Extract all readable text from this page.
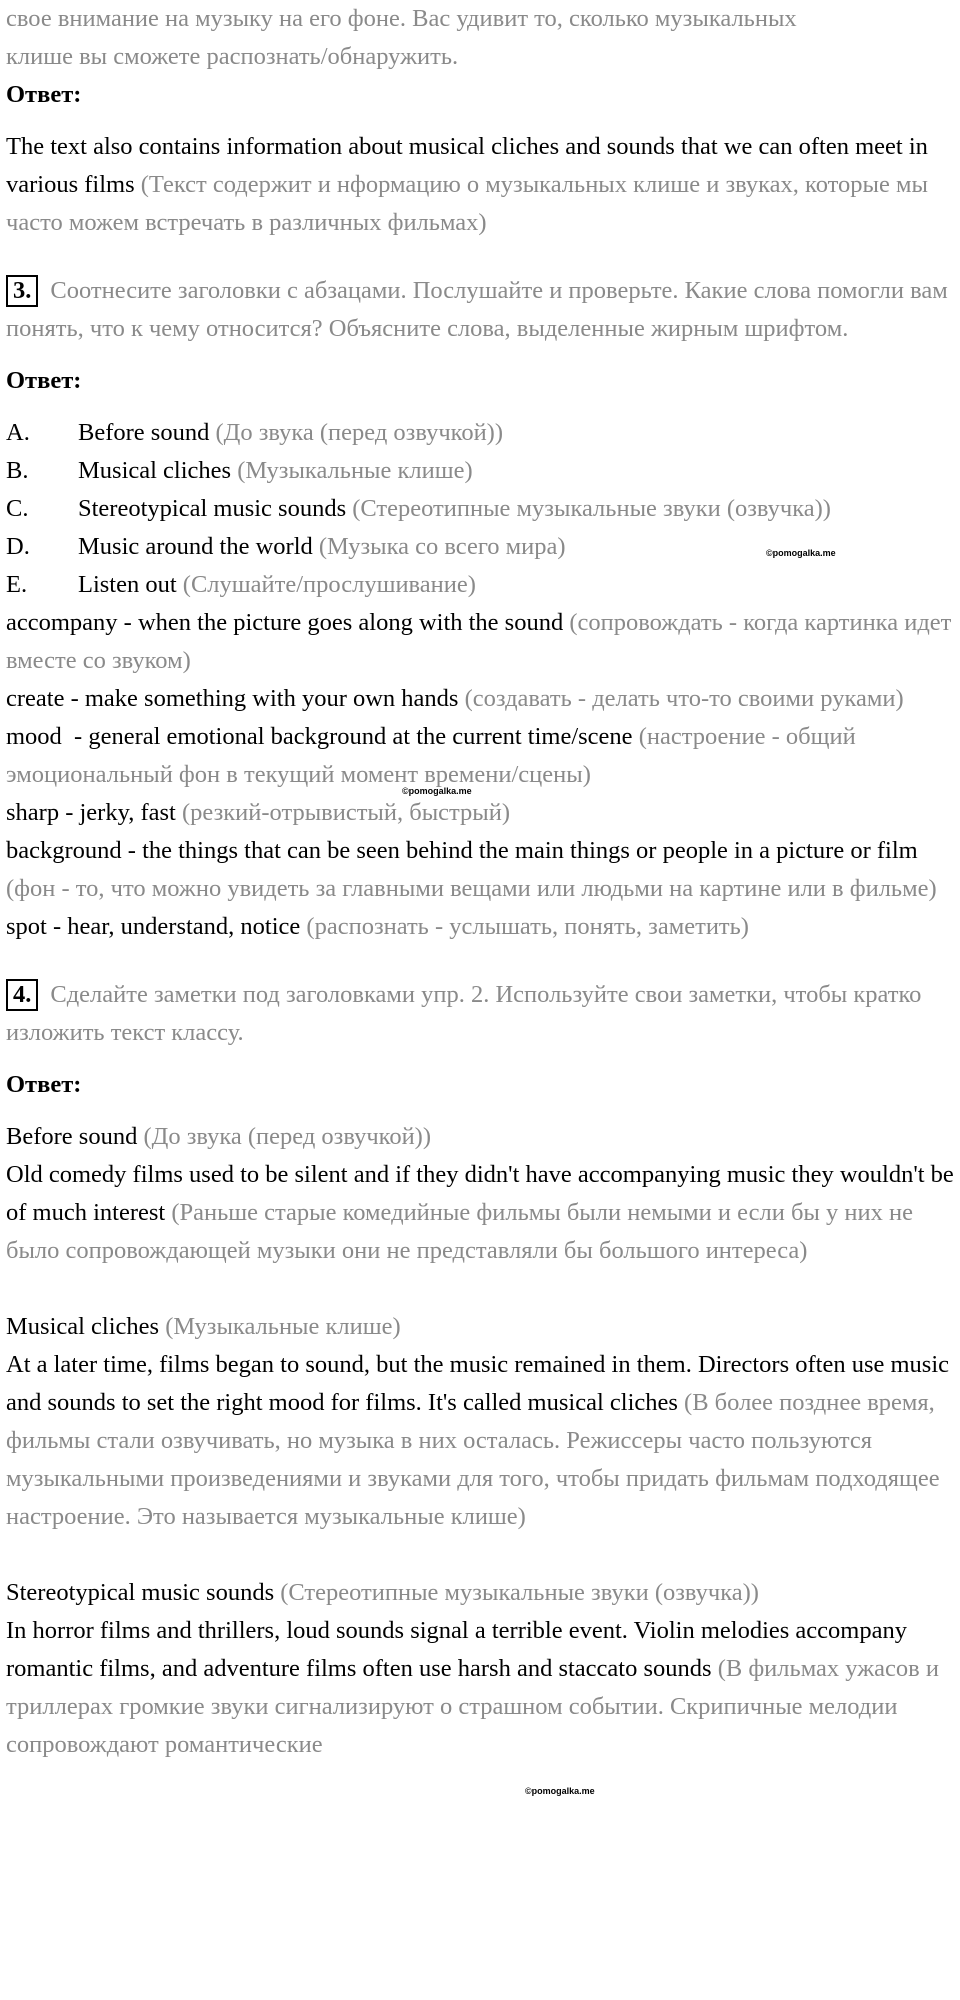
свое внимание на музыку на его фоне. Вас удивит то, сколько музыкальных

клише вы сможете распознать/обнаружить.

Ответ:

The text also contains information about musical cliches and sounds that we can often meet in various films (Текст содержит и нформацию о музыкальных клише и звуках, которые мы часто можем встречать в различных фильмах)

3. Соотнесите заголовки с абзацами. Послушайте и проверьте. Какие слова помогли вам понять, что к чему относится? Объясните слова, выделенные жирным шрифтом.

Ответ:

A.	Before sound (До звука (перед озвучкой))
B.	Musical cliches (Музыкальные клише)
C.	Stereotypical music sounds (Стереотипные музыкальные звуки (озвучка))
D.	Music around the world (Музыка со всего мира)
E.	Listen out (Слушайте/прослушивание)

accompany - when the picture goes along with the sound (сопровождать - когда картинка идет вместе со звуком)

create - make something with your own hands (создавать - делать что-то своими руками)

mood  - general emotional background at the current time/scene (настроение - общий эмоциональный фон в текущий момент времени/сцены)

sharp - jerky, fast (резкий-отрывистый, быстрый)

background - the things that can be seen behind the main things or people in a picture or film (фон - то, что можно увидеть за главными вещами или людьми на картине или в фильме)

spot - hear, understand, notice (распознать - услышать, понять, заметить)

4. Сделайте заметки под заголовками упр. 2. Используйте свои заметки, чтобы кратко изложить текст классу.

Ответ:

Before sound (До звука (перед озвучкой))

Old comedy films used to be silent and if they didn't have accompanying music they wouldn't be of much interest (Раньше старые комедийные фильмы были немыми и если бы у них не было сопровождающей музыки они не представляли бы большого интереса)

Musical cliches (Музыкальные клише)

At a later time, films began to sound, but the music remained in them. Directors often use music and sounds to set the right mood for films. It's called musical cliches (В более позднее время, фильмы стали озвучивать, но музыка в них осталась. Режиссеры часто пользуются музыкальными произведениями и звуками для того, чтобы придать фильмам подходящее настроение. Это называется музыкальные клише)

Stereotypical music sounds (Стереотипные музыкальные звуки (озвучка))

In horror films and thrillers, loud sounds signal a terrible event. Violin melodies accompany romantic films, and adventure films often use harsh and staccato sounds (В фильмах ужасов и триллерах громкие звуки сигнализируют о страшном событии. Скрипичные мелодии сопровождают романтические

©pomogalka.me
©pomogalka.me
©pomogalka.me
